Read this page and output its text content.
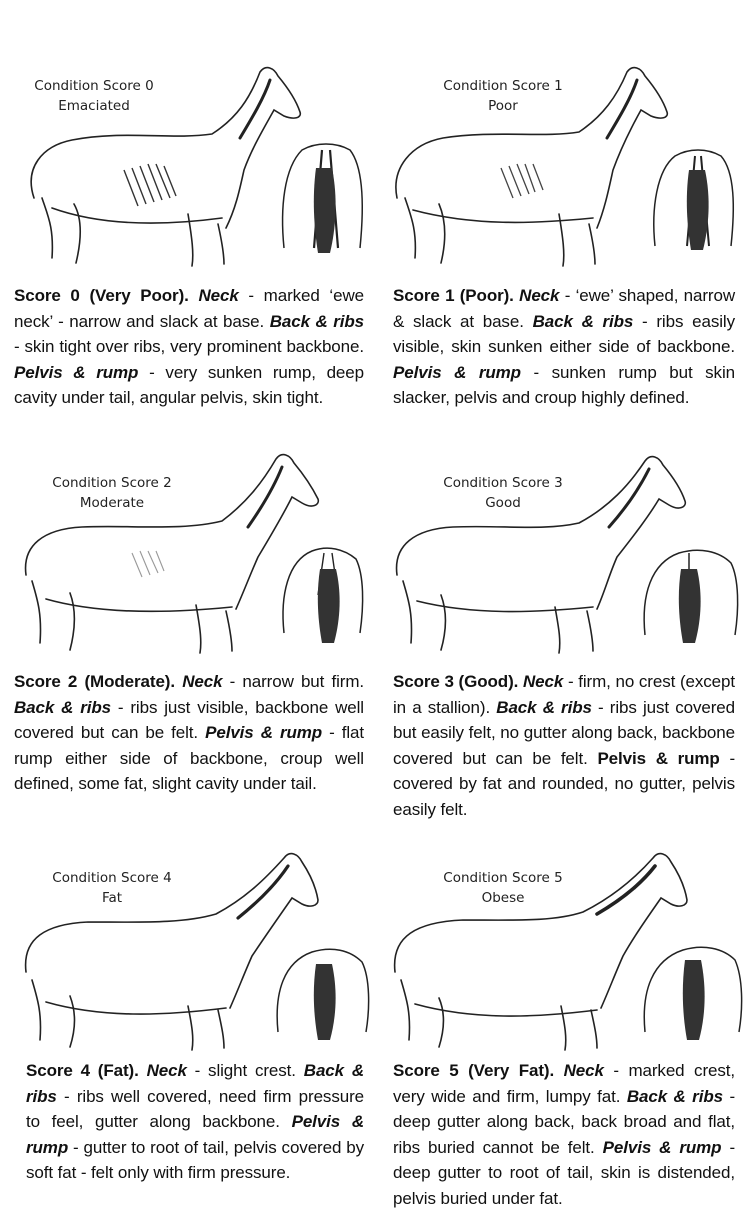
Condition Score 0
Emaciated
Score 0 (Very Poor). Neck - marked ‘ewe neck’ - narrow and slack at base. Back & ribs - skin tight over ribs, very prominent backbone. Pelvis & rump - very sunken rump, deep cavity under tail, angular pelvis, skin tight.
Condition Score 1
Poor
Score 1 (Poor). Neck - ‘ewe’ shaped, narrow & slack at base. Back & ribs - ribs easily visible, skin sunken either side of backbone. Pelvis & rump - sunken rump but skin slacker, pelvis and croup highly defined.
Condition Score 2
Moderate
Score 2 (Moderate). Neck - narrow but firm. Back & ribs - ribs just visible, backbone well covered but can be felt. Pelvis & rump - flat rump either side of backbone, croup well defined, some fat, slight cavity under tail.
Condition Score 3
Good
Score 3 (Good). Neck - firm, no crest (except in a stallion). Back & ribs - ribs just covered but easily felt, no gutter along back, backbone covered but can be felt. Pelvis & rump - covered by fat and rounded, no gutter, pelvis easily felt.
Condition Score 4
Fat
Score 4 (Fat). Neck - slight crest. Back & ribs - ribs well covered, need firm pressure to feel, gutter along backbone. Pelvis & rump - gutter to root of tail, pelvis covered by soft fat - felt only with firm pressure.
Condition Score 5
Obese
Score 5 (Very Fat). Neck - marked crest, very wide and firm, lumpy fat. Back & ribs - deep gutter along back, back broad and flat, ribs buried cannot be felt. Pelvis & rump - deep gutter to root of tail, skin is distended, pelvis buried under fat.
